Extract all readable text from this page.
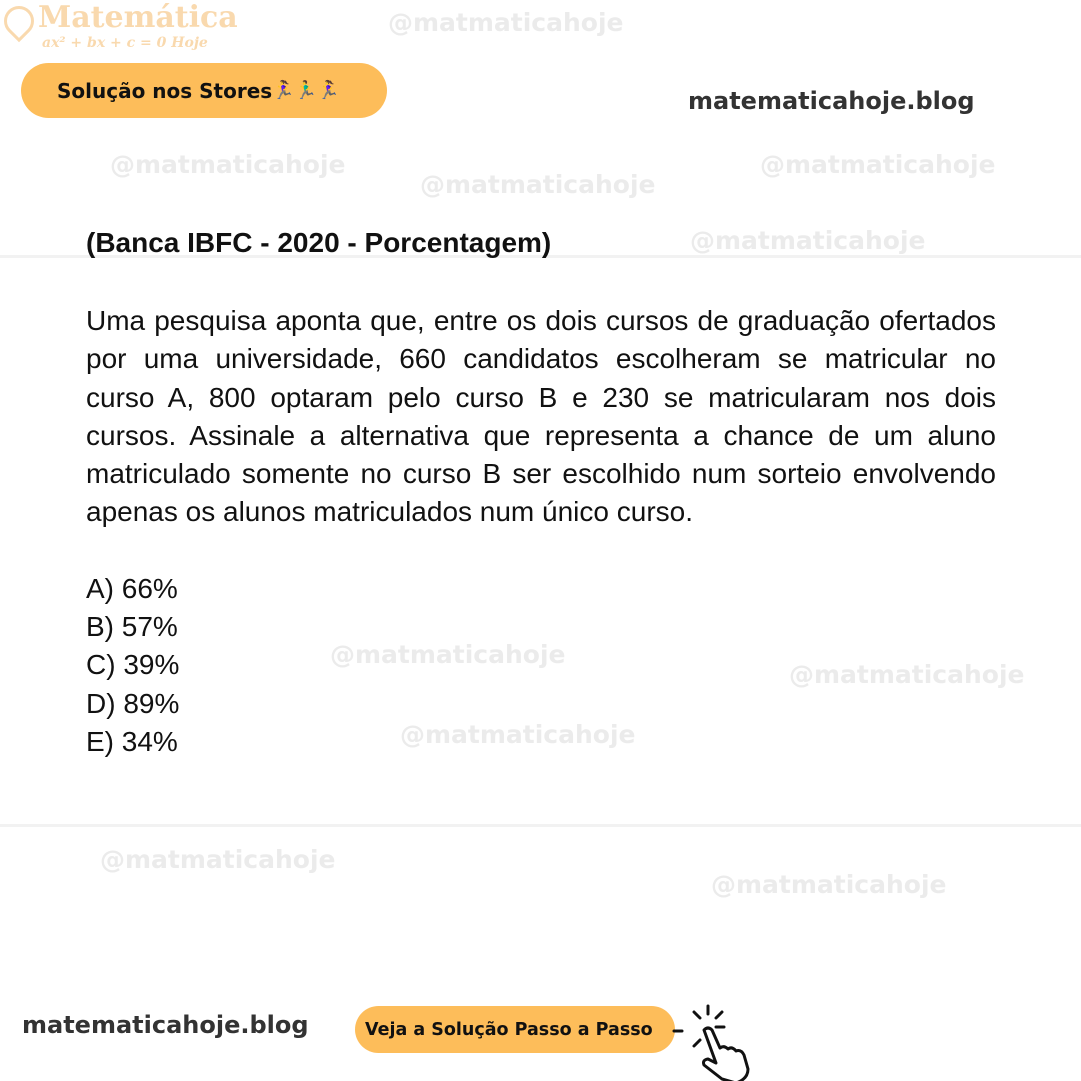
@matmaticahoje
@matmaticahoje
@matmaticahoje
@matmaticahoje
@matmaticahoje
@matmaticahoje
@matmaticahoje
@matmaticahoje
@matmaticahoje
@matmaticahoje
Matemática
ax² + bx + c = 0 Hoje
Solução nos Stores 🏃‍♀️🏃‍♂️🏃‍♀️	matematicahoje.blog
(Banca IBFC - 2020 - Porcentagem)
Uma pesquisa aponta que, entre os dois cursos de graduação ofertados por uma universidade, 660 candidatos escolheram se matricular no curso A, 800 optaram pelo curso B e 230 se matricularam nos dois cursos. Assinale a alternativa que representa a chance de um aluno matriculado somente no curso B ser escolhido num sorteio envolvendo apenas os alunos matriculados num único curso.
A) 66%
B) 57%
C) 39%
D) 89%
E) 34%
matematicahoje.blog	Veja a Solução Passo a Passo
